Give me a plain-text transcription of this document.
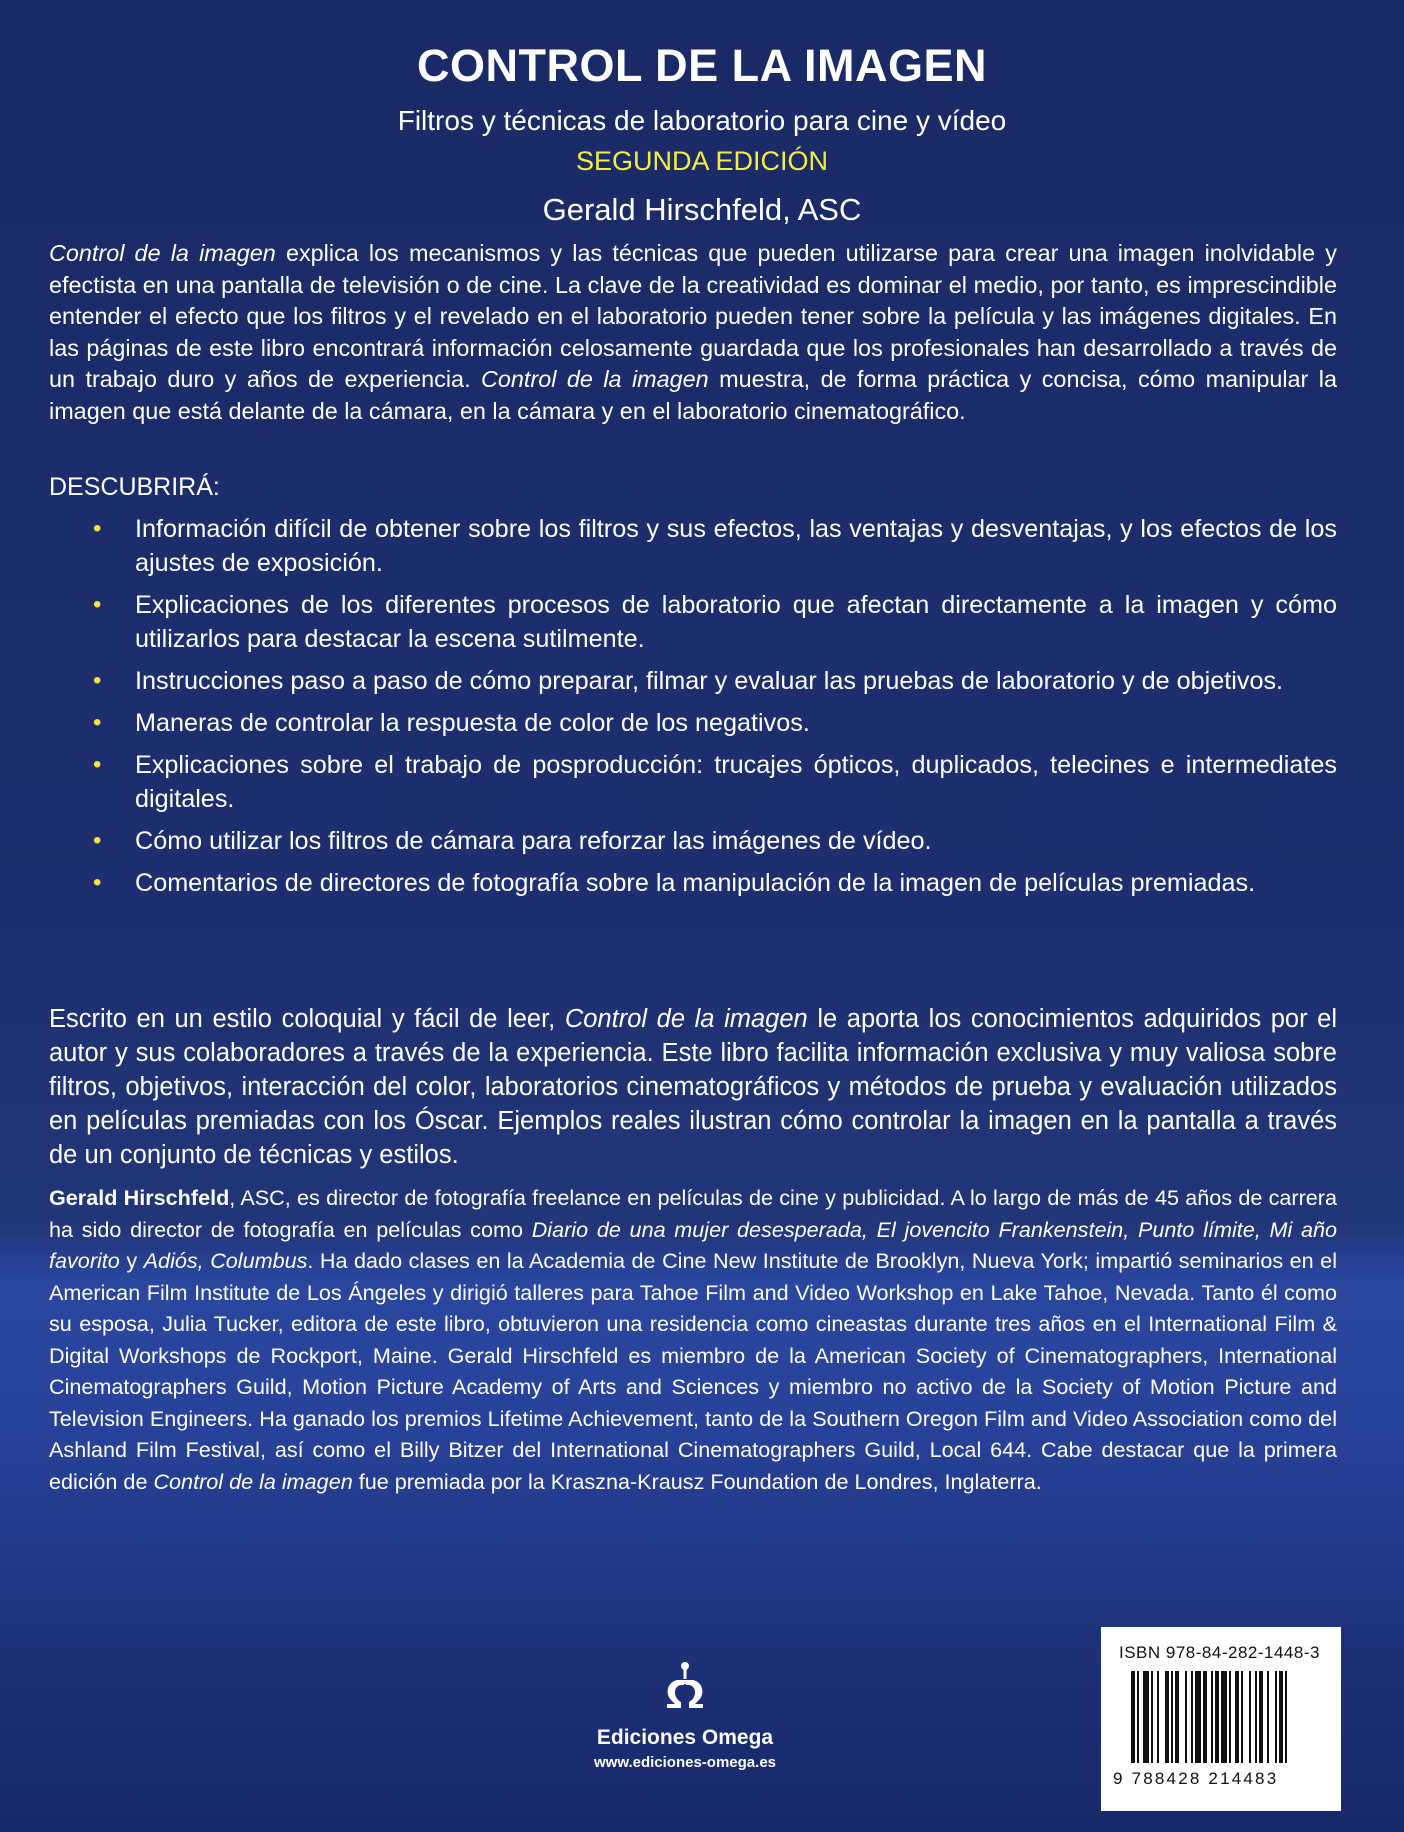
CONTROL DE LA IMAGEN
Filtros y técnicas de laboratorio para cine y vídeo
SEGUNDA EDICIÓN
Gerald Hirschfeld, ASC
Control de la imagen explica los mecanismos y las técnicas que pueden utilizarse para crear una imagen inolvidable y efectista en una pantalla de televisión o de cine. La clave de la creatividad es dominar el medio, por tanto, es imprescindible entender el efecto que los filtros y el revelado en el laboratorio pueden tener sobre la película y las imágenes digitales. En las páginas de este libro encontrará información celosamente guardada que los profesionales han desarrollado a través de un trabajo duro y años de experiencia. Control de la imagen muestra, de forma práctica y concisa, cómo manipular la imagen que está delante de la cámara, en la cámara y en el laboratorio cinematográfico.
DESCUBRIRÁ:
•	Información difícil de obtener sobre los filtros y sus efectos, las ventajas y desventajas, y los efectos de los ajustes de exposición.
•	Explicaciones de los diferentes procesos de laboratorio que afectan directamente a la imagen y cómo utilizarlos para destacar la escena sutilmente.
•	Instrucciones paso a paso de cómo preparar, filmar y evaluar las pruebas de laboratorio y de objetivos.
•	Maneras de controlar la respuesta de color de los negativos.
•	Explicaciones sobre el trabajo de posproducción: trucajes ópticos, duplicados, telecines e intermediates digitales.
•	Cómo utilizar los filtros de cámara para reforzar las imágenes de vídeo.
•	Comentarios de directores de fotografía sobre la manipulación de la imagen de películas premiadas.
Escrito en un estilo coloquial y fácil de leer, Control de la imagen le aporta los conocimientos adquiridos por el autor y sus colaboradores a través de la experiencia. Este libro facilita información exclusiva y muy valiosa sobre filtros, objetivos, interacción del color, laboratorios cinematográficos y métodos de prueba y evaluación utilizados en películas premiadas con los Óscar. Ejemplos reales ilustran cómo controlar la imagen en la pantalla a través de un conjunto de técnicas y estilos.
Gerald Hirschfeld, ASC, es director de fotografía freelance en películas de cine y publicidad. A lo largo de más de 45 años de carrera ha sido director de fotografía en películas como Diario de una mujer desesperada, El jovencito Frankenstein, Punto límite, Mi año favorito y Adiós, Columbus. Ha dado clases en la Academia de Cine New Institute de Brooklyn, Nueva York; impartió seminarios en el American Film Institute de Los Ángeles y dirigió talleres para Tahoe Film and Video Workshop en Lake Tahoe, Nevada. Tanto él como su esposa, Julia Tucker, editora de este libro, obtuvieron una residencia como cineastas durante tres años en el International Film & Digital Workshops de Rockport, Maine. Gerald Hirschfeld es miembro de la American Society of Cinematographers, International Cinematographers Guild, Motion Picture Academy of Arts and Sciences y miembro no activo de la Society of Motion Picture and Television Engineers. Ha ganado los premios Lifetime Achievement, tanto de la Southern Oregon Film and Video Association como del Ashland Film Festival, así como el Billy Bitzer del International Cinematographers Guild, Local 644. Cabe destacar que la primera edición de Control de la imagen fue premiada por la Kraszna-Krausz Foundation de Londres, Inglaterra.
Ediciones Omega
www.ediciones-omega.es
ISBN 978-84-282-1448-3
9 788428 214483
